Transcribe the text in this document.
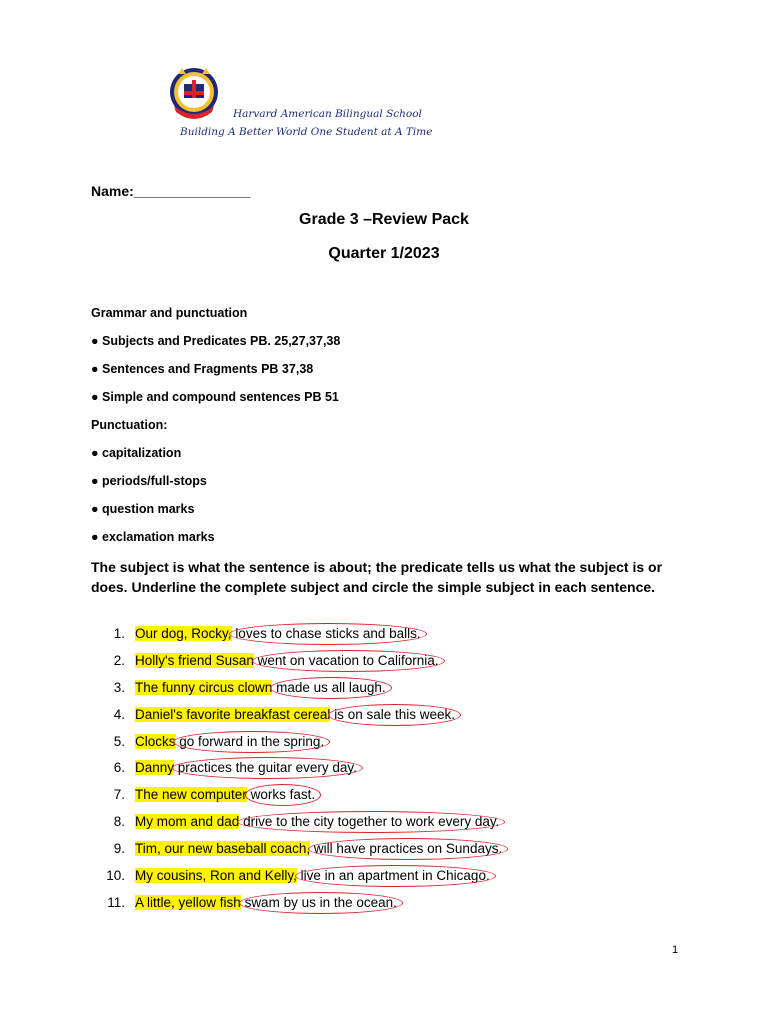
Harvard American Bilingual School
Building A Better World One Student at A Time
Name:_______________
Grade 3 –Review Pack
Quarter 1/2023
Grammar and punctuation
● Subjects and Predicates PB. 25,27,37,38
● Sentences and Fragments PB 37,38
● Simple and compound sentences PB 51
Punctuation:
● capitalization
● periods/full-stops
● question marks
● exclamation marks
The subject is what the sentence is about; the predicate tells us what the subject is or does. Underline the complete subject and circle the simple subject in each sentence.
1. Our dog, Rocky, loves to chase sticks and balls.
2. Holly's friend Susan went on vacation to California.
3. The funny circus clown made us all laugh.
4. Daniel's favorite breakfast cereal is on sale this week.
5. Clocks go forward in the spring.
6. Danny practices the guitar every day.
7. The new computer works fast.
8. My mom and dad drive to the city together to work every day.
9. Tim, our new baseball coach, will have practices on Sundays.
10. My cousins, Ron and Kelly, live in an apartment in Chicago.
11. A little, yellow fish swam by us in the ocean.
1
